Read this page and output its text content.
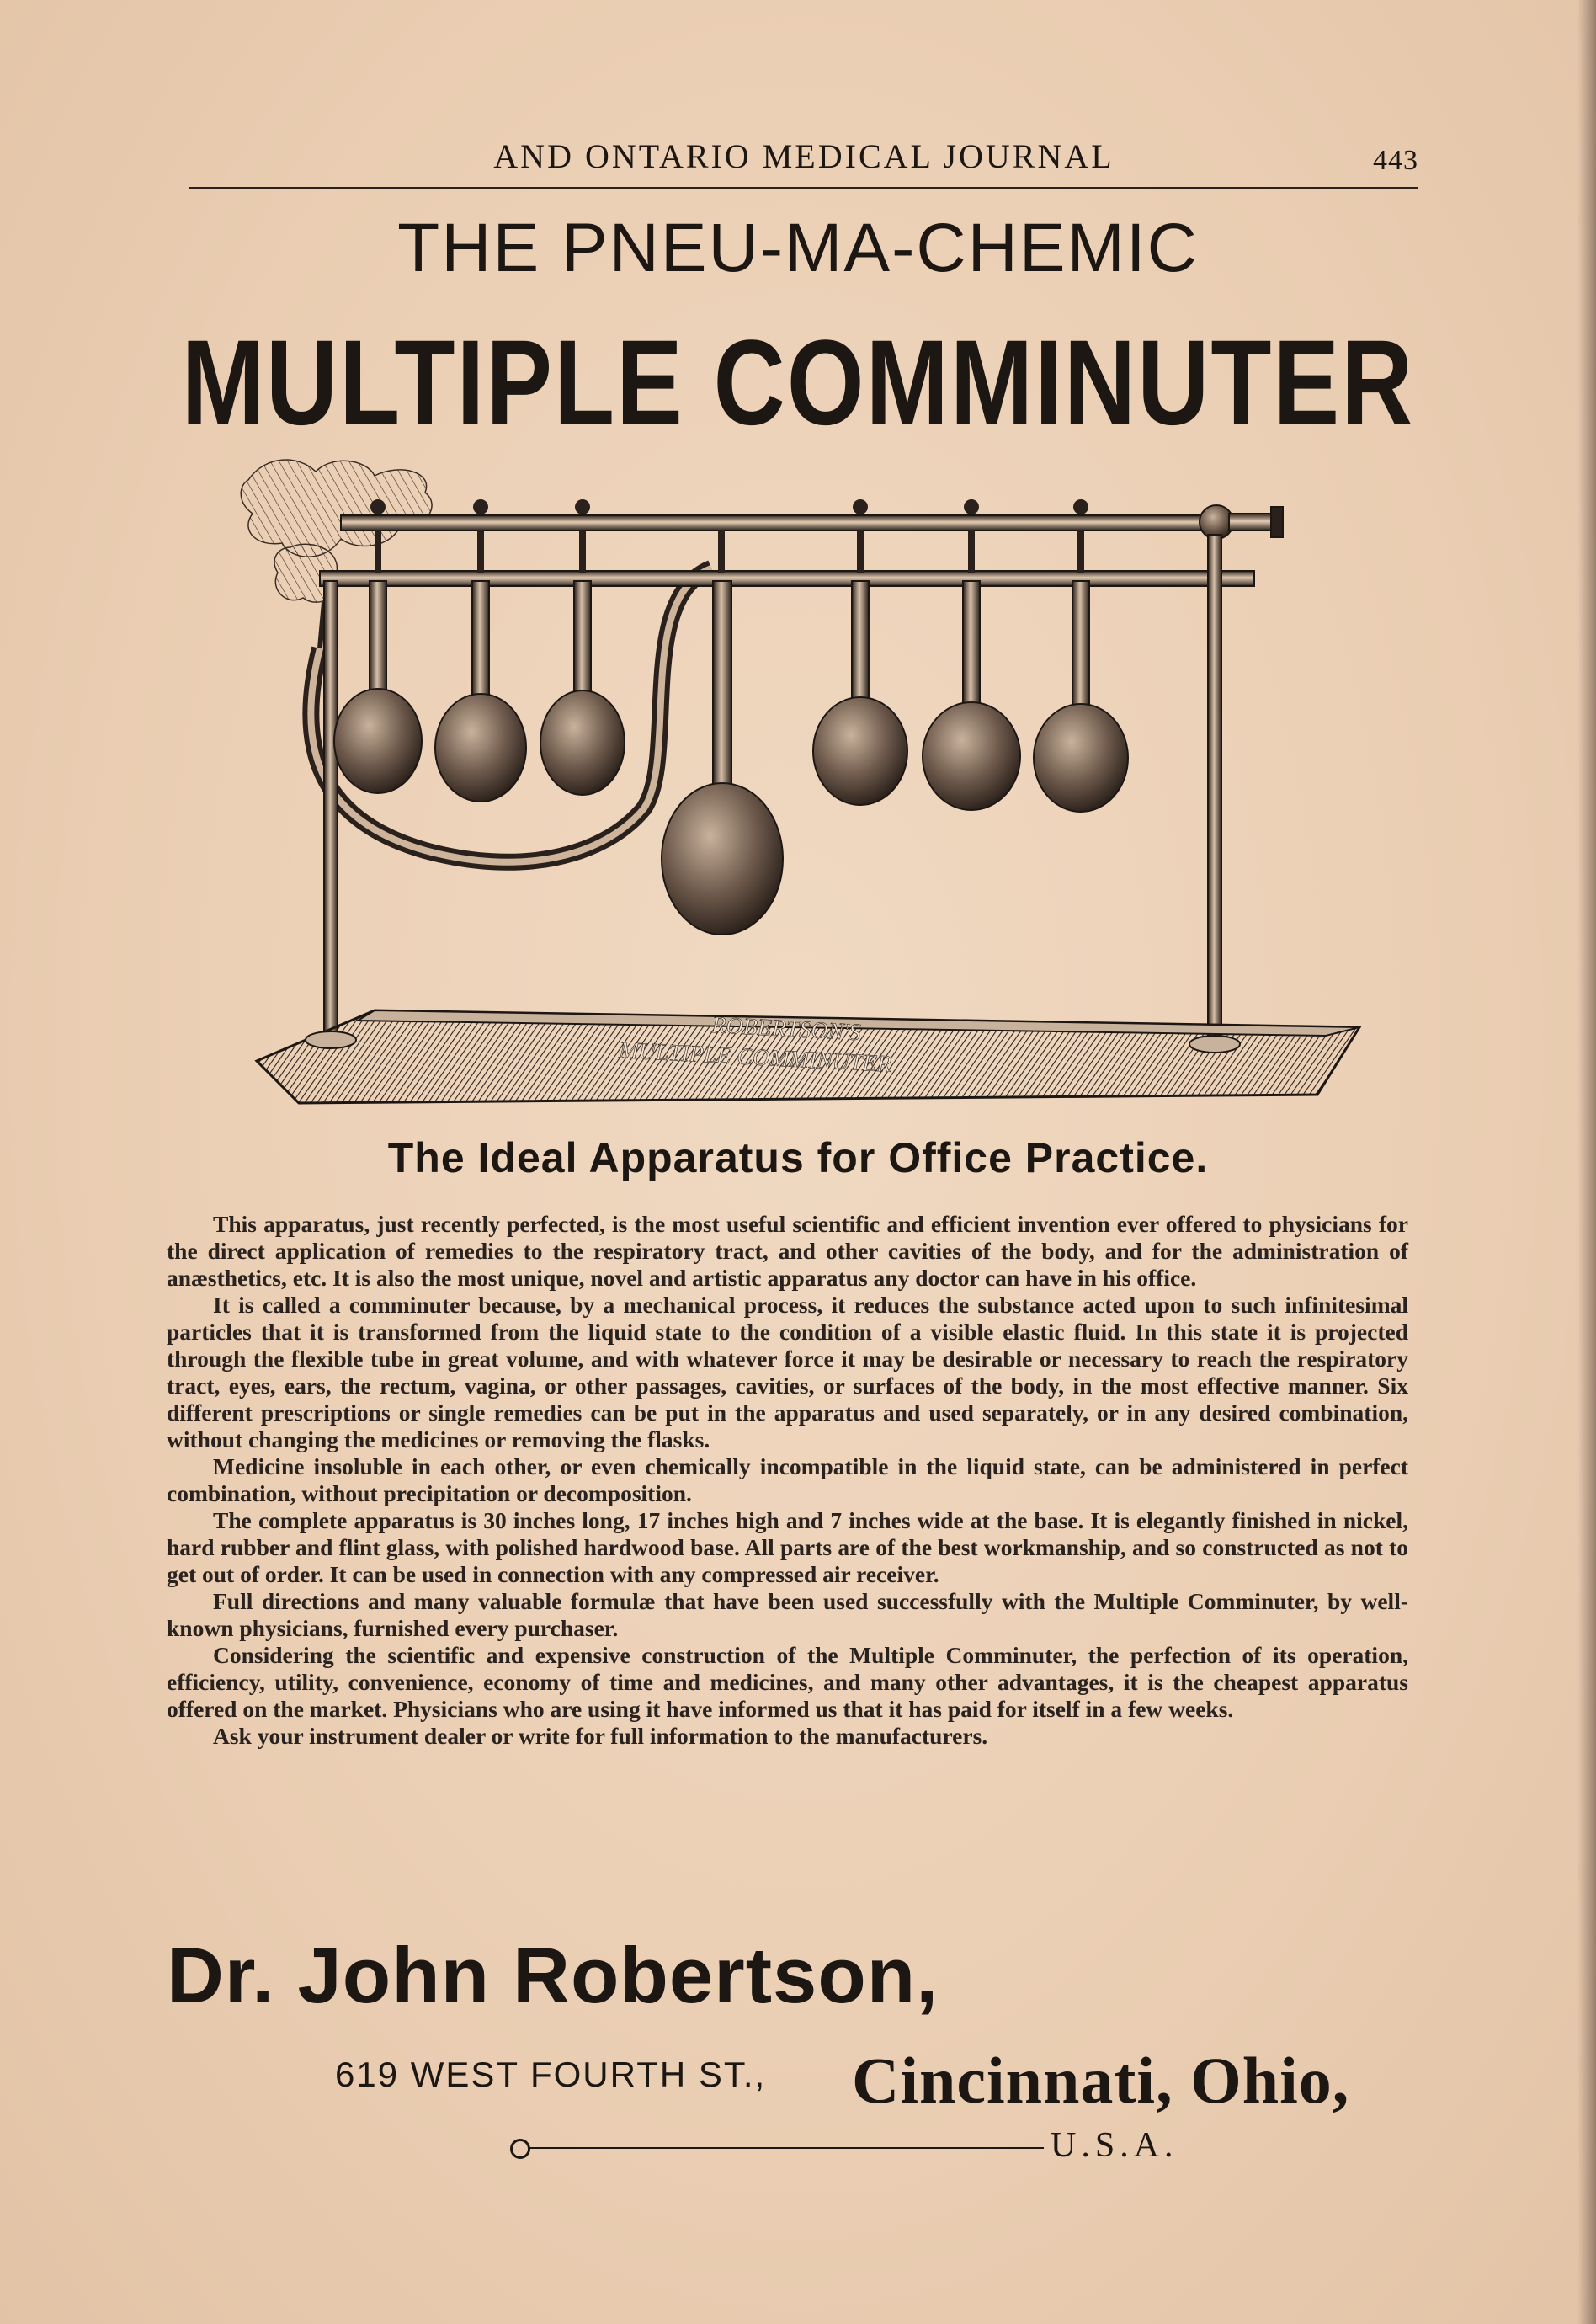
AND ONTARIO MEDICAL JOURNAL	443
THE PNEU-MA-CHEMIC
MULTIPLE COMMINUTER
ROBERTSON'S
MULTIPLE COMMINUTER
The Ideal Apparatus for Office Practice.

This apparatus, just recently perfected, is the most useful scientific and efficient invention ever offered to physicians for the direct application of remedies to the respiratory tract, and other cavities of the body, and for the administration of anæsthetics, etc. It is also the most unique, novel and artistic apparatus any doctor can have in his office.

It is called a comminuter because, by a mechanical process, it reduces the substance acted upon to such infinitesimal particles that it is transformed from the liquid state to the condition of a visible elastic fluid. In this state it is projected through the flexible tube in great volume, and with whatever force it may be desirable or necessary to reach the respiratory tract, eyes, ears, the rectum, vagina, or other passages, cavities, or surfaces of the body, in the most effective manner. Six different prescriptions or single remedies can be put in the apparatus and used separately, or in any desired combination, without changing the medicines or removing the flasks.

Medicine insoluble in each other, or even chemically incompatible in the liquid state, can be administered in perfect combination, without precipitation or decomposition.

The complete apparatus is 30 inches long, 17 inches high and 7 inches wide at the base. It is elegantly finished in nickel, hard rubber and flint glass, with polished hardwood base. All parts are of the best workmanship, and so constructed as not to get out of order. It can be used in connection with any compressed air receiver.

Full directions and many valuable formulæ that have been used successfully with the Multiple Comminuter, by well-known physicians, furnished every purchaser.

Considering the scientific and expensive construction of the Multiple Comminuter, the perfection of its operation, efficiency, utility, convenience, economy of time and medicines, and many other advantages, it is the cheapest apparatus offered on the market. Physicians who are using it have informed us that it has paid for itself in a few weeks.

Ask your instrument dealer or write for full information to the manufacturers.

Dr. John Robertson,
619 WEST FOURTH ST., Cincinnati, Ohio,
U.S.A.
